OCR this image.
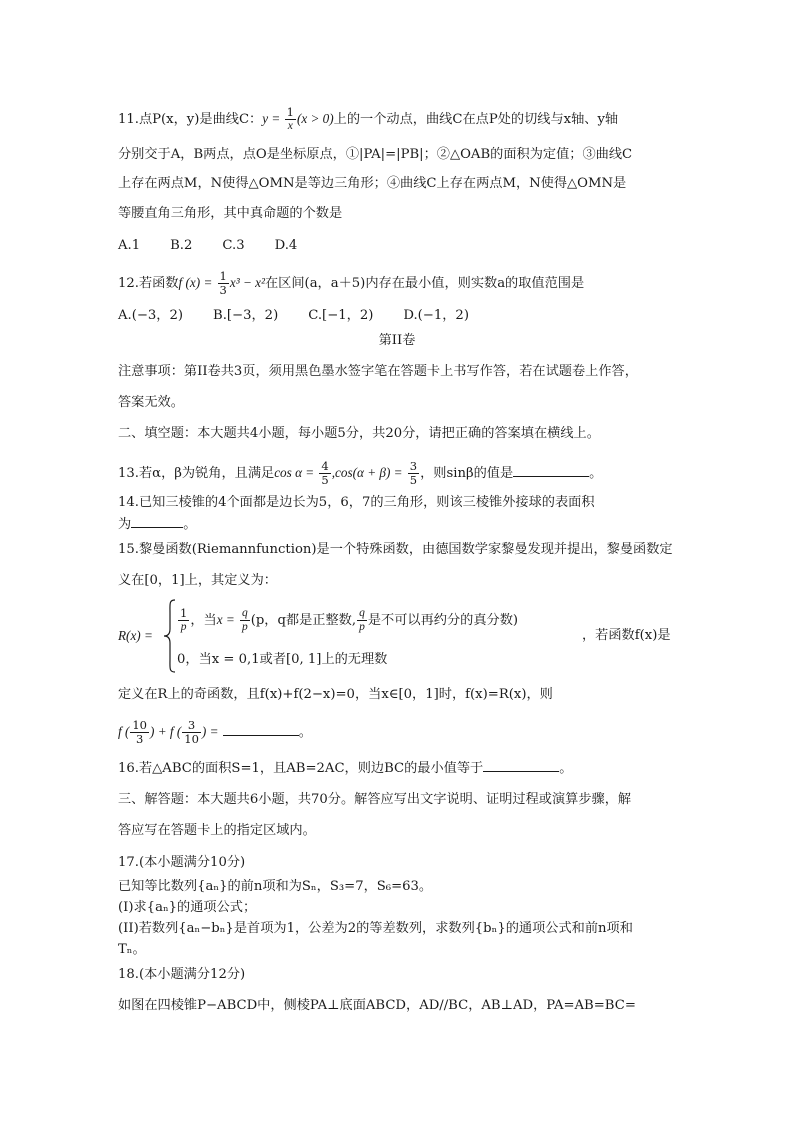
11.点P(x，y)是曲线C：$y = \frac{1}{x} (x > 0)$上的一个动点，曲线C在点P处的切线与x轴、y轴
分别交于A，B两点，点O是坐标原点，①|PA|=|PB|；②△OAB的面积为定值；③曲线C
上存在两点M，N使得△OMN是等边三角形；④曲线C上存在两点M，N使得△OMN是
等腰直角三角形，其中真命题的个数是
A.1 B.2 C.3 D.4
12.若函数f $(x) = \frac{1}{3} x^3 - x^2$在区间(a，a＋5)内存在最小值，则实数a的取值范围是
A.(−3，2) B.[−3，2) C.[−1，2) D.(−1，2)
第II卷
注意事项：第II卷共3页，须用黑色墨水签字笔在答题卡上书写作答，若在试题卷上作答，
答案无效。
二、填空题：本大题共4小题，每小题5分，共20分，请把正确的答案填在横线上。
13.若α，β为锐角，且满足$\cos \alpha = \frac{4}{5} ,\cos(\alpha + \beta) = \frac{3}{5}$ ，则sinβ的值是	。
14.已知三棱锥的4个面都是边长为5，6，7的三角形，则该三棱锥外接球的表面积
为	。
15.黎曼函数(Riemannfunction)是一个特殊函数，由德国数学家黎曼发现并提出，黎曼函数定
义在[0，1]上，其定义为：
R(x) =
$\frac{1}{p}$ ，当$x = \frac{q}{p} (p$，q都是正整数, $\frac{q}{p}$ 是不可以再约分的真分数)
，若函数f(x)是
0，当x = 0,1或者[0, 1]上的无理数
定义在R上的奇函数，且f(x)+f(2−x)=0，当x∈[0，1]时，f(x)=R(x)，则
f ( $\frac{10}{3}$ ) + f ( $\frac{3}{10}$ ) =	。
16.若△ABC的面积S=1，且AB=2AC，则边BC的最小值等于	。
三、解答题：本大题共6小题，共70分。解答应写出文字说明、证明过程或演算步骤，解
答应写在答题卡上的指定区域内。
17.(本小题满分10分)
已知等比数列{aₙ}的前n项和为Sₙ，S₃=7，S₆=63。
(I)求{aₙ}的通项公式；
(II)若数列{aₙ−bₙ}是首项为1，公差为2的等差数列，求数列{bₙ}的通项公式和前n项和
Tₙ。
18.(本小题满分12分)
如图在四棱锥P−ABCD中，侧棱PA⊥底面ABCD，AD//BC，AB⊥AD，PA=AB=BC=
